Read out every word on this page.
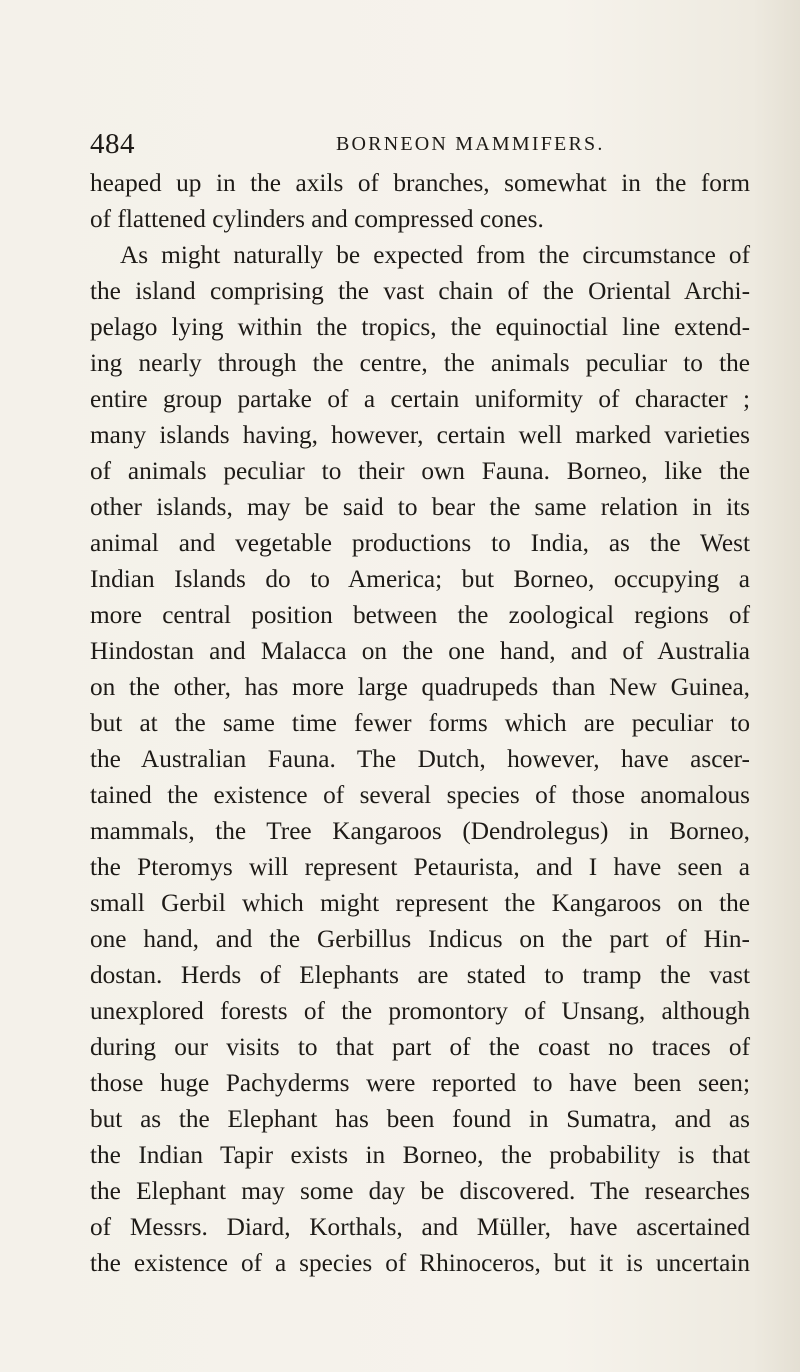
484	BORNEON MAMMIFERS.
heaped up in the axils of branches, somewhat in the form
of flattened cylinders and compressed cones.
As might naturally be expected from the circumstance of
the island comprising the vast chain of the Oriental Archi-
pelago lying within the tropics, the equinoctial line extend-
ing nearly through the centre, the animals peculiar to the
entire group partake of a certain uniformity of character ;
many islands having, however, certain well marked varieties
of animals peculiar to their own Fauna. Borneo, like the
other islands, may be said to bear the same relation in its
animal and vegetable productions to India, as the West
Indian Islands do to America; but Borneo, occupying a
more central position between the zoological regions of
Hindostan and Malacca on the one hand, and of Australia
on the other, has more large quadrupeds than New Guinea,
but at the same time fewer forms which are peculiar to
the Australian Fauna. The Dutch, however, have ascer-
tained the existence of several species of those anomalous
mammals, the Tree Kangaroos (Dendrolegus) in Borneo,
the Pteromys will represent Petaurista, and I have seen a
small Gerbil which might represent the Kangaroos on the
one hand, and the Gerbillus Indicus on the part of Hin-
dostan. Herds of Elephants are stated to tramp the vast
unexplored forests of the promontory of Unsang, although
during our visits to that part of the coast no traces of
those huge Pachyderms were reported to have been seen;
but as the Elephant has been found in Sumatra, and as
the Indian Tapir exists in Borneo, the probability is that
the Elephant may some day be discovered. The researches
of Messrs. Diard, Korthals, and Müller, have ascertained
the existence of a species of Rhinoceros, but it is uncertain
